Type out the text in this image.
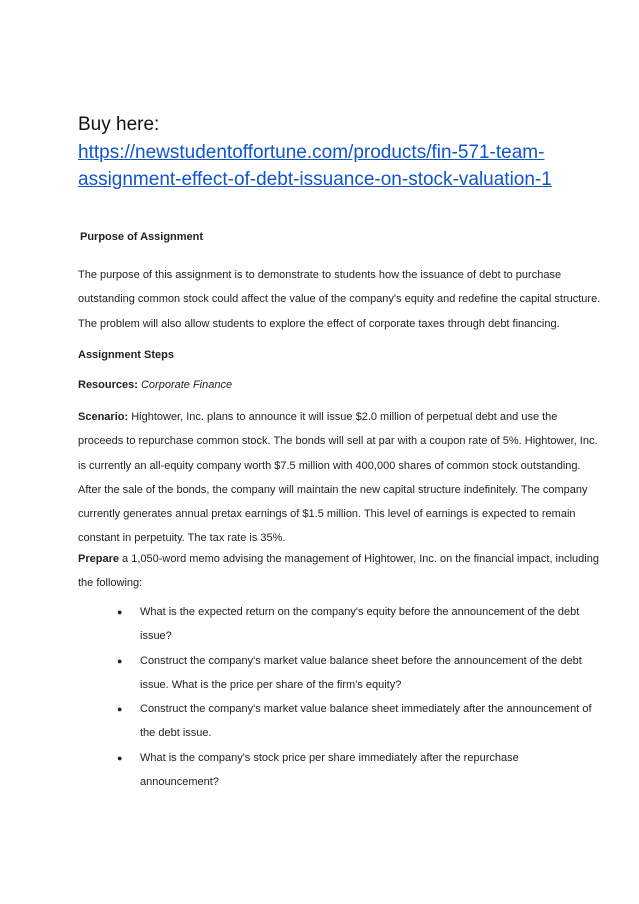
Buy here:
https://newstudentoffortune.com/products/fin-571-team-
assignment-effect-of-debt-issuance-on-stock-valuation-1
Purpose of Assignment

The purpose of this assignment is to demonstrate to students how the issuance of debt to purchase
outstanding common stock could affect the value of the company's equity and redefine the capital structure.
The problem will also allow students to explore the effect of corporate taxes through debt financing.

Assignment Steps

Resources: Corporate Finance

Scenario: Hightower, Inc. plans to announce it will issue $2.0 million of perpetual debt and use the
proceeds to repurchase common stock. The bonds will sell at par with a coupon rate of 5%. Hightower, Inc.
is currently an all-equity company worth $7.5 million with 400,000 shares of common stock outstanding.
After the sale of the bonds, the company will maintain the new capital structure indefinitely. The company
currently generates annual pretax earnings of $1.5 million. This level of earnings is expected to remain
constant in perpetuity. The tax rate is 35%.

Prepare a 1,050-word memo advising the management of Hightower, Inc. on the financial impact, including
the following:

● What is the expected return on the company's equity before the announcement of the debt
issue?
● Construct the company's market value balance sheet before the announcement of the debt
issue. What is the price per share of the firm's equity?
● Construct the company's market value balance sheet immediately after the announcement of
the debt issue.
● What is the company's stock price per share immediately after the repurchase
announcement?
